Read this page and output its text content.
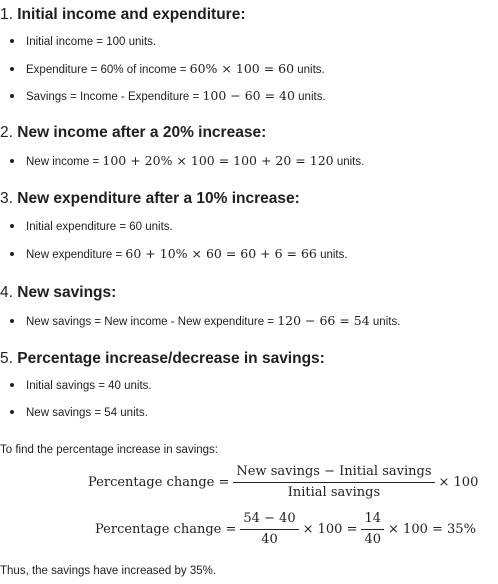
1. Initial income and expenditure:
Initial income = 100 units.
Expenditure = 60% of income = 60% × 100 = 60 units.
Savings = Income - Expenditure = 100 − 60 = 40 units.
2. New income after a 20% increase:
New income = 100 + 20% × 100 = 100 + 20 = 120 units.
3. New expenditure after a 10% increase:
Initial expenditure = 60 units.
New expenditure = 60 + 10% × 60 = 60 + 6 = 66 units.
4. New savings:
New savings = New income - New expenditure = 120 − 66 = 54 units.
5. Percentage increase/decrease in savings:
Initial savings = 40 units.
New savings = 54 units.
To find the percentage increase in savings:
Percentage change = $\frac{\text{New savings − Initial savings}}{\text{Initial savings}} \times 100$
Percentage change = $\frac{54 - 40}{40} \times 100 = \frac{14}{40} \times 100 = 35\%$
Thus, the savings have increased by 35%.
